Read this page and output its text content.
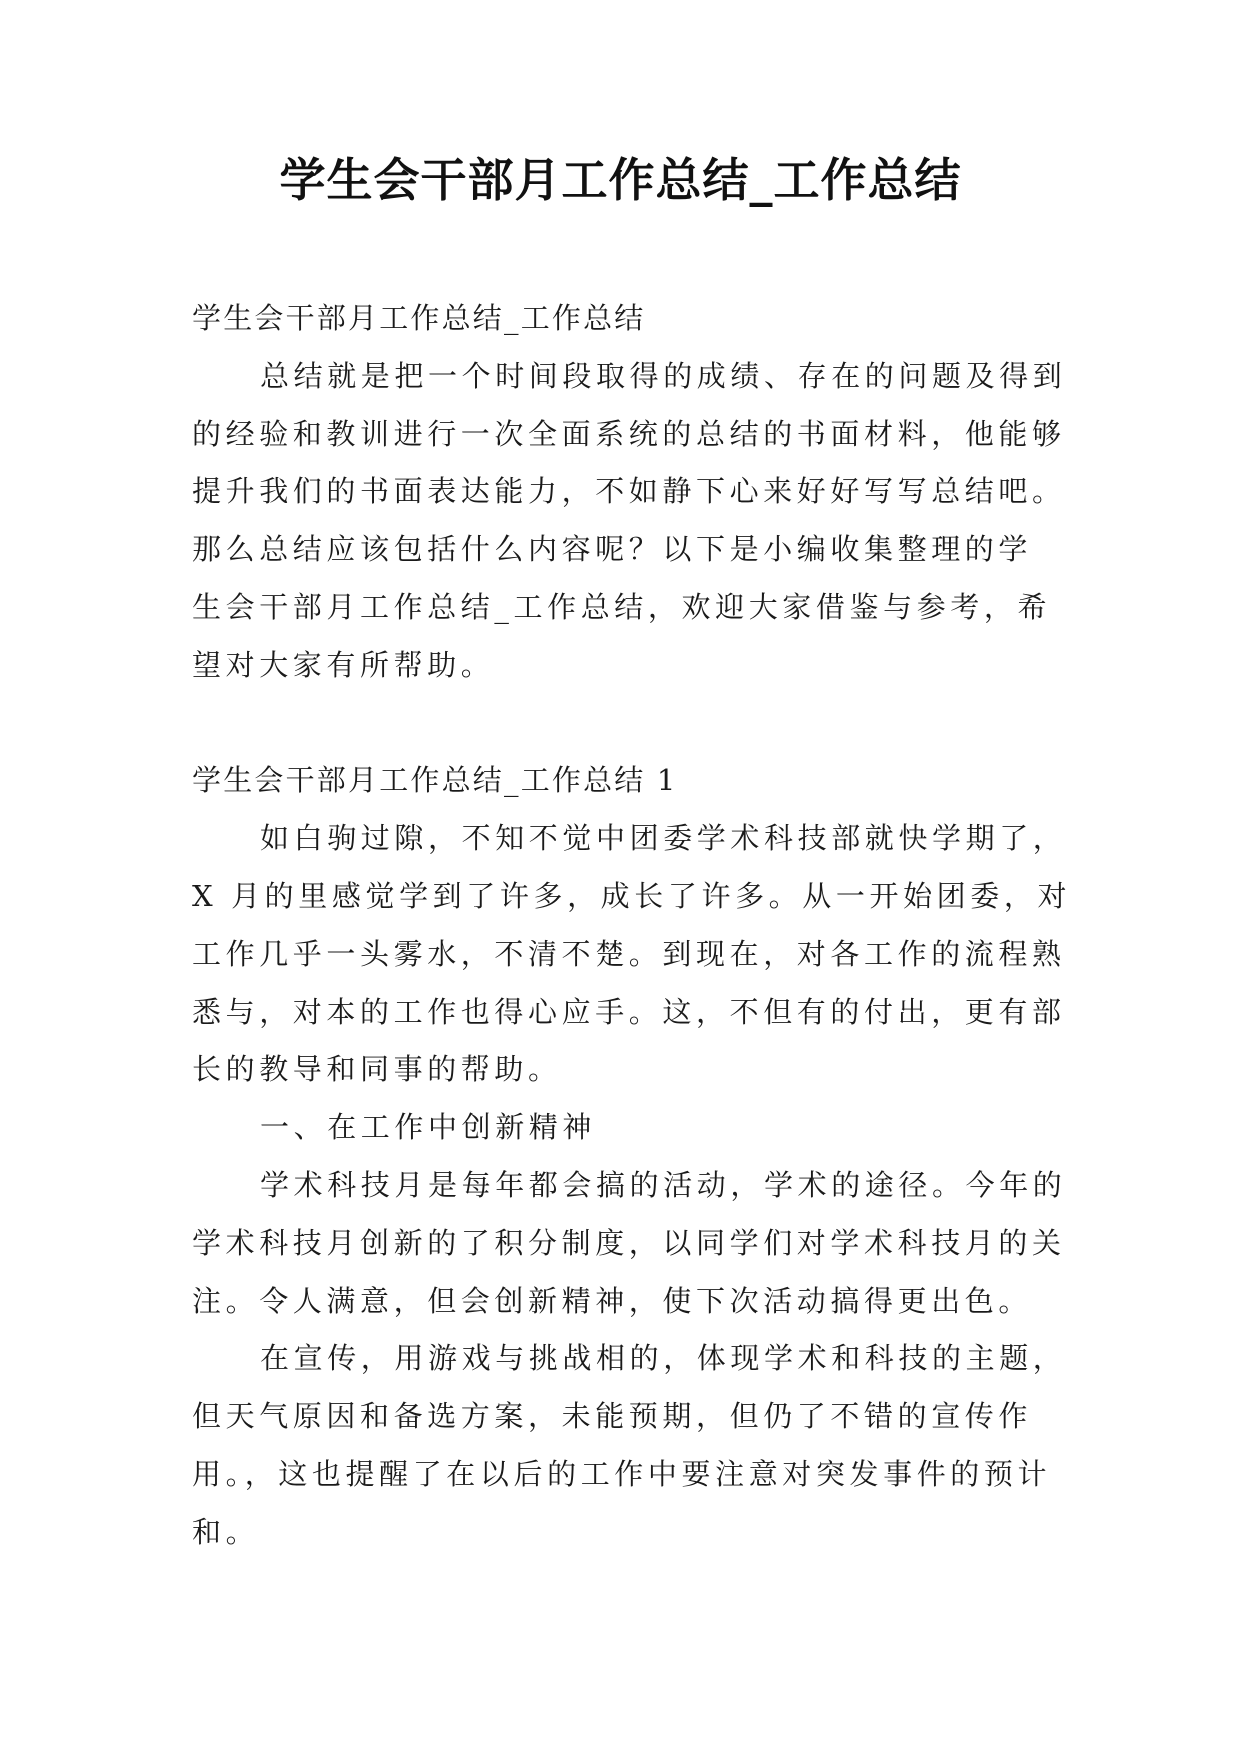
学生会干部月工作总结_工作总结
学生会干部月工作总结_工作总结
总结就是把一个时间段取得的成绩、存在的问题及得到
的经验和教训进行一次全面系统的总结的书面材料，他能够
提升我们的书面表达能力，不如静下心来好好写写总结吧。
那么总结应该包括什么内容呢？以下是小编收集整理的学
生会干部月工作总结_工作总结，欢迎大家借鉴与参考，希
望对大家有所帮助。
学生会干部月工作总结_工作总结 1
如白驹过隙，不知不觉中团委学术科技部就快学期了，
X 月的里感觉学到了许多，成长了许多。从一开始团委，对
工作几乎一头雾水，不清不楚。到现在，对各工作的流程熟
悉与，对本的工作也得心应手。这，不但有的付出，更有部
长的教导和同事的帮助。
一、在工作中创新精神
学术科技月是每年都会搞的活动，学术的途径。今年的
学术科技月创新的了积分制度，以同学们对学术科技月的关
注。令人满意，但会创新精神，使下次活动搞得更出色。
在宣传，用游戏与挑战相的，体现学术和科技的主题，
但天气原因和备选方案，未能预期，但仍了不错的宣传作
用。，这也提醒了在以后的工作中要注意对突发事件的预计
和。
